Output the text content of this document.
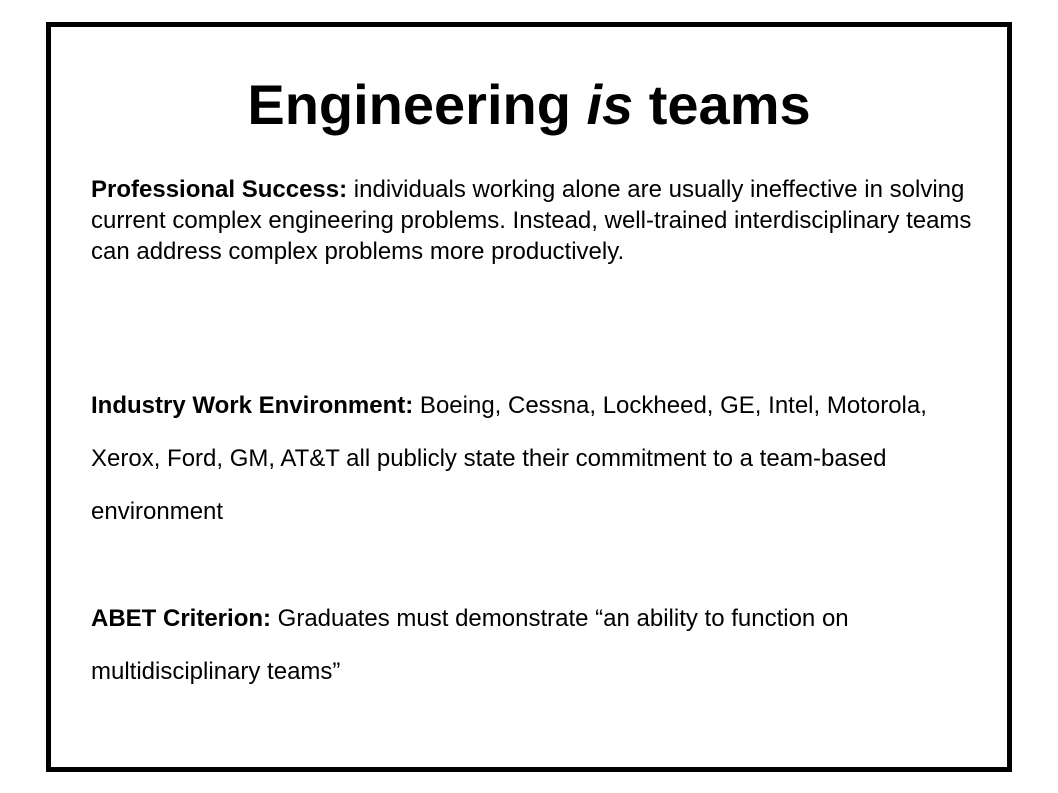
Engineering is teams

Professional Success: individuals working alone are usually ineffective in solving current complex engineering problems. Instead, well-trained interdisciplinary teams can address complex problems more productively.

Industry Work Environment: Boeing, Cessna, Lockheed, GE, Intel, Motorola, Xerox, Ford, GM, AT&T all publicly state their commitment to a team-based environment

ABET Criterion: Graduates must demonstrate “an ability to function on multidisciplinary teams”
